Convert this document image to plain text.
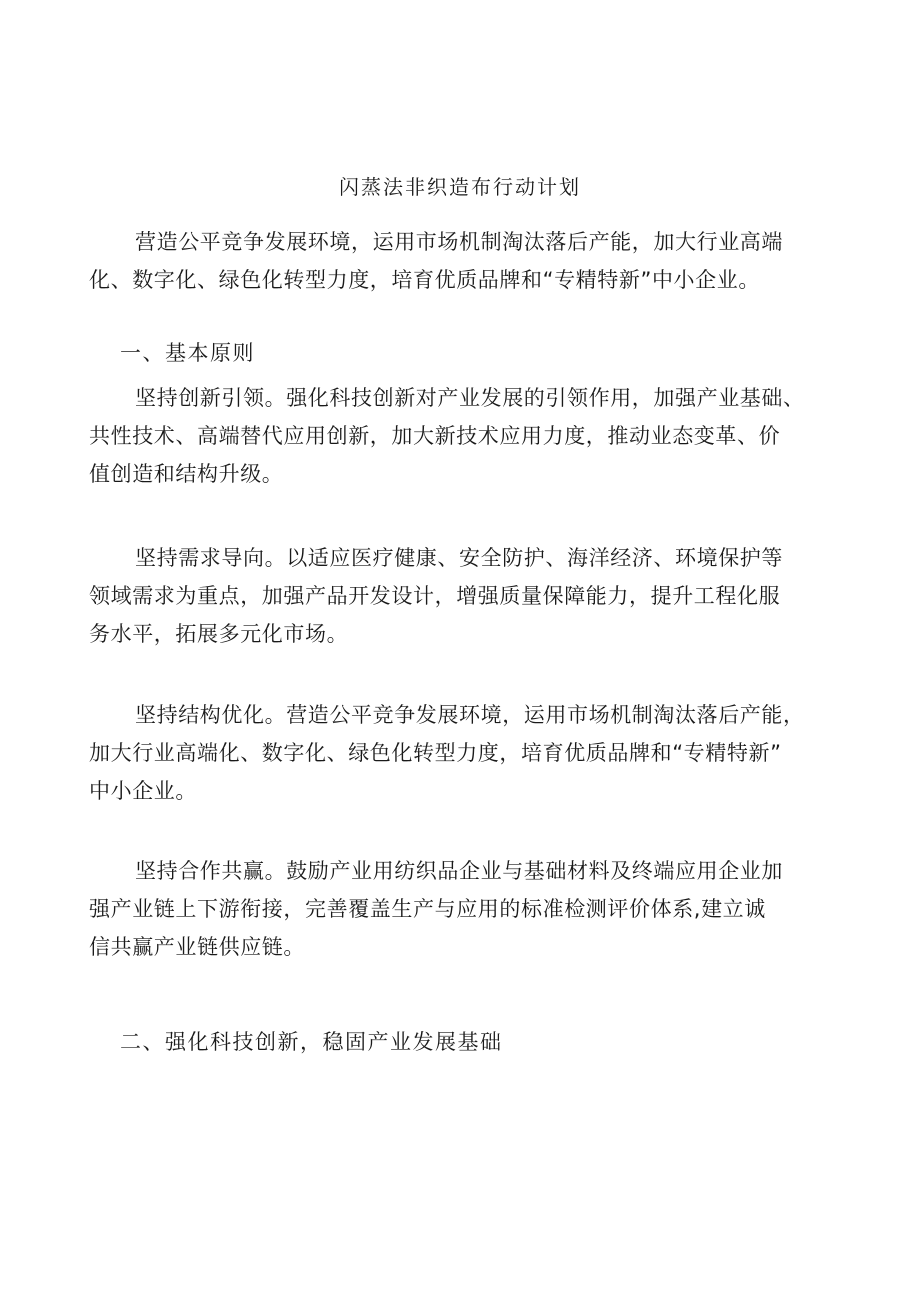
闪蒸法非织造布行动计划
营造公平竞争发展环境，运用市场机制淘汰落后产能，加大行业高端
化、数字化、绿色化转型力度，培育优质品牌和“专精特新”中小企业。
一、基本原则
坚持创新引领。强化科技创新对产业发展的引领作用，加强产业基础、
共性技术、高端替代应用创新，加大新技术应用力度，推动业态变革、价
值创造和结构升级。
坚持需求导向。以适应医疗健康、安全防护、海洋经济、环境保护等
领域需求为重点，加强产品开发设计，增强质量保障能力，提升工程化服
务水平，拓展多元化市场。
坚持结构优化。营造公平竞争发展环境，运用市场机制淘汰落后产能，
加大行业高端化、数字化、绿色化转型力度，培育优质品牌和“专精特新”
中小企业。
坚持合作共赢。鼓励产业用纺织品企业与基础材料及终端应用企业加
强产业链上下游衔接，完善覆盖生产与应用的标准检测评价体系,建立诚
信共赢产业链供应链。
二、强化科技创新，稳固产业发展基础
